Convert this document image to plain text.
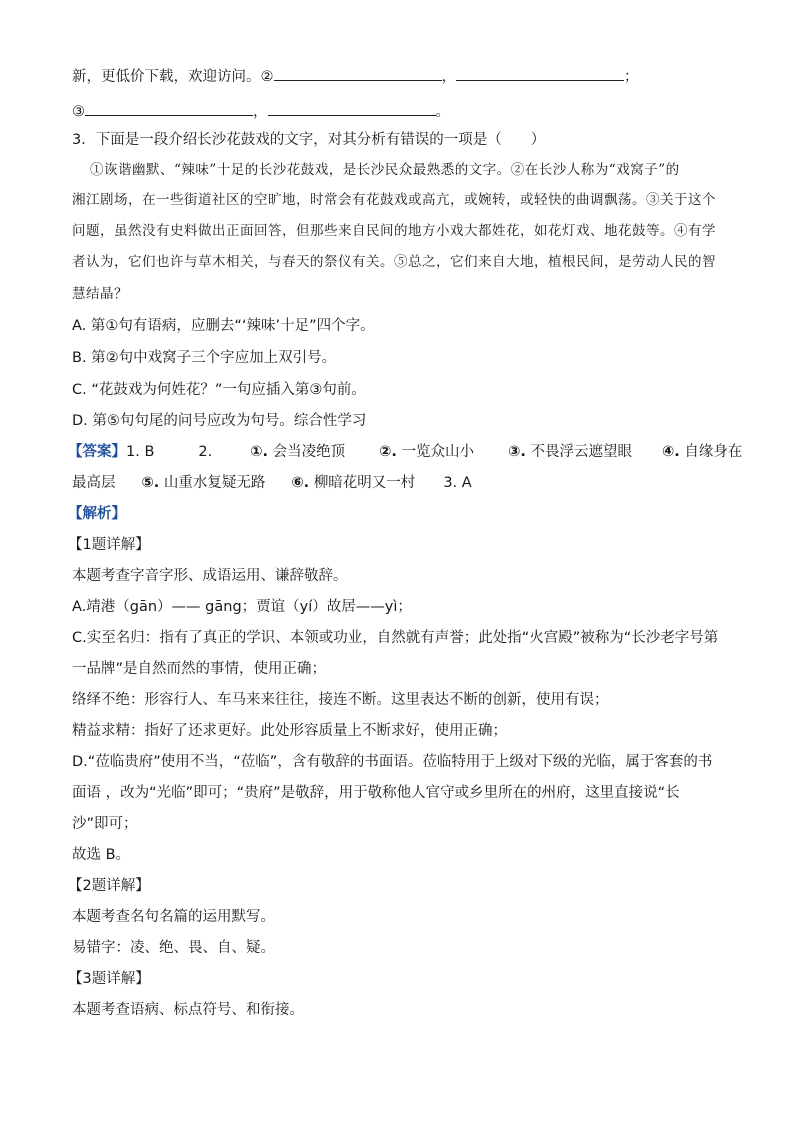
新，更低价下载，欢迎访问。②	，	；
③	，	。
3．下面是一段介绍长沙花鼓戏的文字，对其分析有错误的一项是（　　）
①诙谐幽默、“辣味”十足的长沙花鼓戏，是长沙民众最熟悉的文字。②在长沙人称为“戏窝子”的
湘江剧场，在一些街道社区的空旷地，时常会有花鼓戏或高亢，或婉转，或轻快的曲调飘荡。③关于这个
问题，虽然没有史料做出正面回答，但那些来自民间的地方小戏大都姓花，如花灯戏、地花鼓等。④有学
者认为，它们也许与草木相关，与春天的祭仪有关。⑤总之，它们来自大地，植根民间，是劳动人民的智
慧结晶？
A. 第①句有语病，应删去“‘辣味’十足”四个字。
B. 第②句中戏窝子三个字应加上双引号。
C. “花鼓戏为何姓花？”一句应插入第③句前。
D. 第⑤句句尾的问号应改为句号。综合性学习
【答案】1. B	2.	①. 会当凌绝顶 ②. 一览众山小 ③. 不畏浮云遮望眼 ④. 自缘身在
最高层 ⑤. 山重水复疑无路 ⑥. 柳暗花明又一村 3. A
【解析】
【1题详解】
本题考查字音字形、成语运用、谦辞敬辞。
A.靖港（gān）—— gāng；贾谊（yí）故居——yì；
C.实至名归：指有了真正的学识、本领或功业，自然就有声誉；此处指“火宫殿”被称为“长沙老字号第
一品牌”是自然而然的事情，使用正确；
络绎不绝：形容行人、车马来来往往，接连不断。这里表达不断的创新，使用有误；
精益求精：指好了还求更好。此处形容质量上不断求好，使用正确；
D.“莅临贵府”使用不当，“莅临”，含有敬辞的书面语。莅临特用于上级对下级的光临，属于客套的书
面语 ，改为“光临”即可；“贵府”是敬辞，用于敬称他人官守或乡里所在的州府，这里直接说“长
沙”即可；
故选 B。
【2题详解】
本题考查名句名篇的运用默写。
易错字：凌、绝、畏、自、疑。
【3题详解】
本题考查语病、标点符号、和衔接。
